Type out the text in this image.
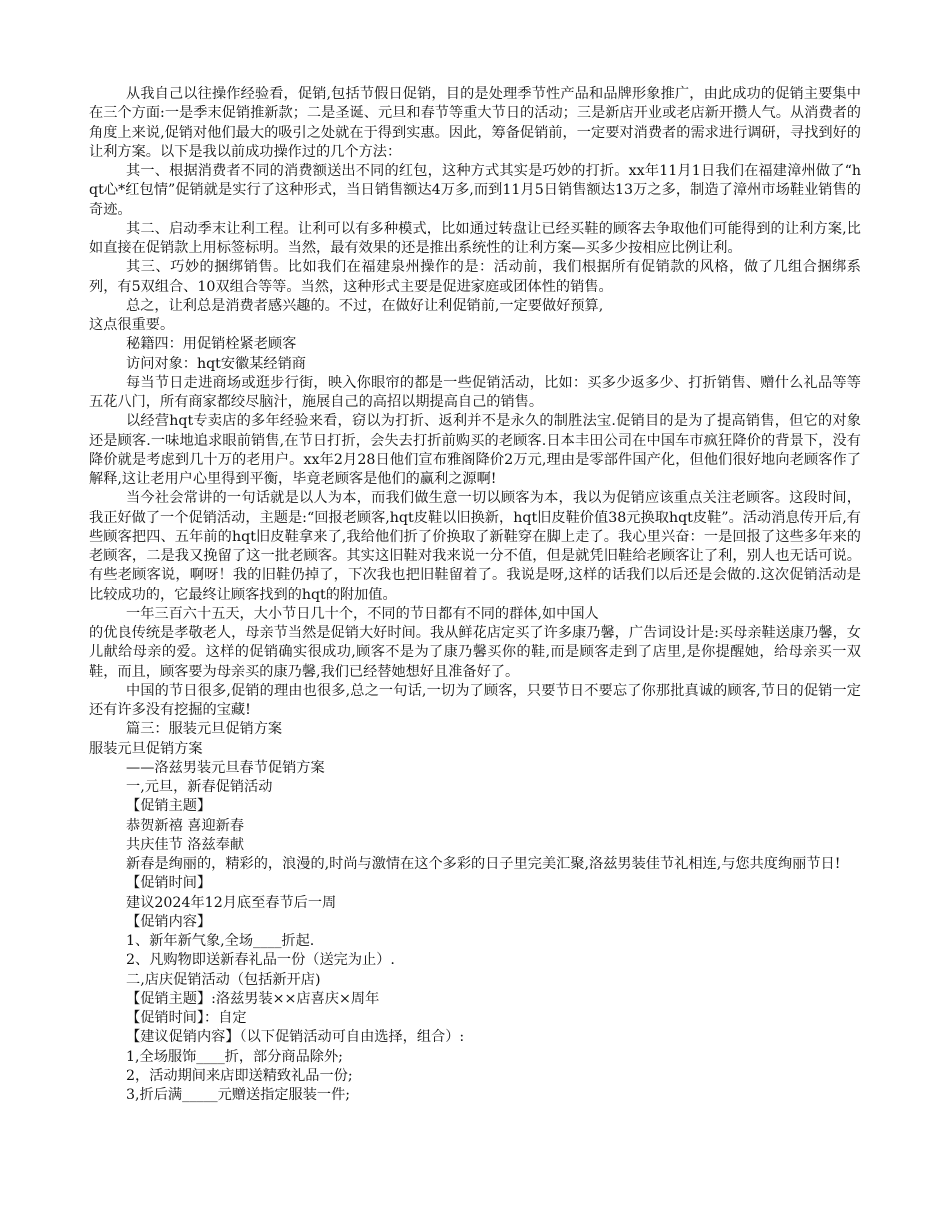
从我自己以往操作经验看，促销,包括节假日促销，目的是处理季节性产品和品牌形象推广，由此成功的促销主要集中在三个方面:一是季末促销推新款；二是圣诞、元旦和春节等重大节日的活动；三是新店开业或老店新开攒人气。从消费者的角度上来说,促销对他们最大的吸引之处就在于得到实惠。因此，筹备促销前，一定要对消费者的需求进行调研，寻找到好的让利方案。以下是我以前成功操作过的几个方法：

其一、根据消费者不同的消费额送出不同的红包，这种方式其实是巧妙的打折。xx年11月1日我们在福建漳州做了“hqt心*红包情”促销就是实行了这种形式，当日销售额达4万多,而到11月5日销售额达13万之多，制造了漳州市场鞋业销售的奇迹。

其二、启动季末让利工程。让利可以有多种模式，比如通过转盘让已经买鞋的顾客去争取他们可能得到的让利方案,比如直接在促销款上用标签标明。当然，最有效果的还是推出系统性的让利方案—买多少按相应比例让利。

其三、巧妙的捆绑销售。比如我们在福建泉州操作的是：活动前，我们根据所有促销款的风格，做了几组合捆绑系列，有5双组合、10双组合等等。当然，这种形式主要是促进家庭或团体性的销售。

总之，让利总是消费者感兴趣的。不过，在做好让利促销前,一定要做好预算,

这点很重要。

秘籍四：用促销栓紧老顾客

访问对象：hqt安徽某经销商

每当节日走进商场或逛步行街，映入你眼帘的都是一些促销活动，比如：买多少返多少、打折销售、赠什么礼品等等五花八门，所有商家都绞尽脑汁，施展自己的高招以期提高自己的销售。

以经营hqt专卖店的多年经验来看，窃以为打折、返利并不是永久的制胜法宝.促销目的是为了提高销售，但它的对象还是顾客.一味地追求眼前销售,在节日打折，会失去打折前购买的老顾客.日本丰田公司在中国车市疯狂降价的背景下，没有降价就是考虑到几十万的老用户。xx年2月28日他们宣布雅阁降价2万元,理由是零部件国产化，但他们很好地向老顾客作了解释,这让老用户心里得到平衡，毕竟老顾客是他们的赢利之源啊!

当今社会常讲的一句话就是以人为本，而我们做生意一切以顾客为本，我以为促销应该重点关注老顾客。这段时间，我正好做了一个促销活动，主题是:“回报老顾客,hqt皮鞋以旧换新，hqt旧皮鞋价值38元换取hqt皮鞋”。活动消息传开后,有些顾客把四、五年前的hqt旧皮鞋拿来了,我给他们折了价换取了新鞋穿在脚上走了。我心里兴奋：一是回报了这些多年来的老顾客，二是我又挽留了这一批老顾客。其实这旧鞋对我来说一分不值，但是就凭旧鞋给老顾客让了利，别人也无话可说。有些老顾客说，啊呀！我的旧鞋仍掉了，下次我也把旧鞋留着了。我说是呀,这样的话我们以后还是会做的.这次促销活动是比较成功的，它最终让顾客找到的hqt的附加值。

一年三百六十五天，大小节日几十个，不同的节日都有不同的群体,如中国人

的优良传统是孝敬老人，母亲节当然是促销大好时间。我从鲜花店定买了许多康乃馨，广告词设计是:买母亲鞋送康乃馨，女儿献给母亲的爱。这样的促销确实很成功,顾客不是为了康乃馨买你的鞋,而是顾客走到了店里,是你提醒她，给母亲买一双鞋，而且，顾客要为母亲买的康乃馨,我们已经替她想好且准备好了。

中国的节日很多,促销的理由也很多,总之一句话,一切为了顾客，只要节日不要忘了你那批真诚的顾客,节日的促销一定还有许多没有挖掘的宝藏!

篇三：服装元旦促销方案

服装元旦促销方案

——洛兹男装元旦春节促销方案

一,元旦，新春促销活动

【促销主题】

恭贺新禧 喜迎新春

共庆佳节 洛兹奉献

新春是绚丽的，精彩的，浪漫的,时尚与激情在这个多彩的日子里完美汇聚,洛兹男装佳节礼相连,与您共度绚丽节日!

【促销时间】

建议2024年12月底至春节后一周

【促销内容】

1、新年新气象,全场____折起.

2、凡购物即送新春礼品一份（送完为止）.

二,店庆促销活动（包括新开店)

【促销主题】:洛兹男装××店喜庆×周年

【促销时间】：自定

【建议促销内容】（以下促销活动可自由选择，组合）:

1,全场服饰____折，部分商品除外;

2，活动期间来店即送精致礼品一份;

3,折后满_____元赠送指定服装一件;
